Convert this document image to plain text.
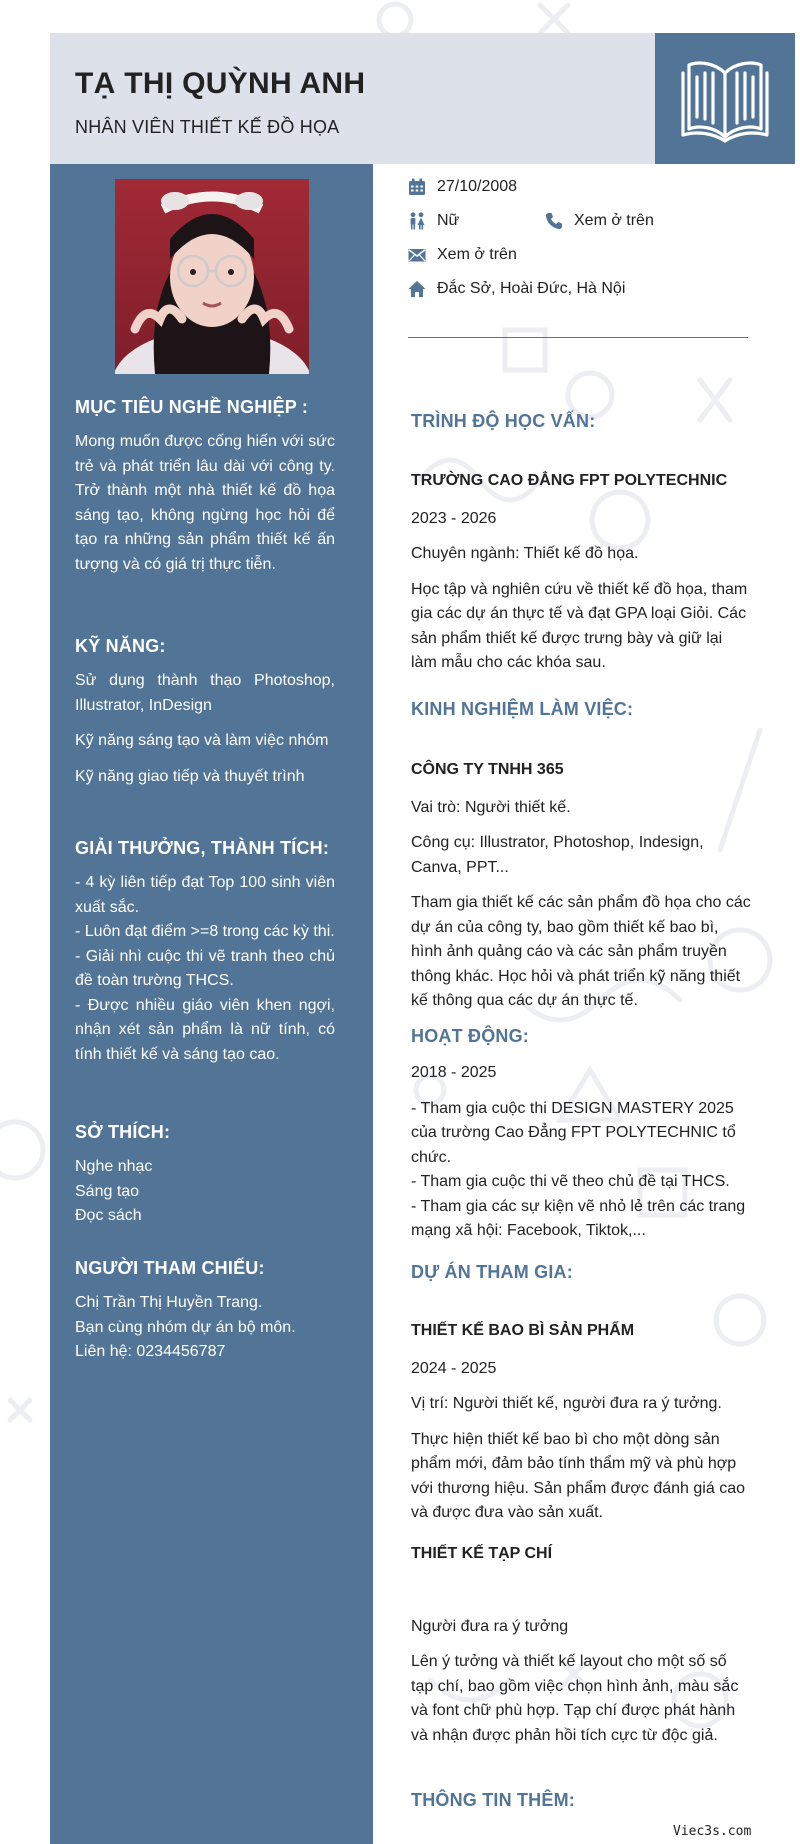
TẠ THỊ QUỲNH ANH
NHÂN VIÊN THIẾT KẾ ĐỒ HỌA
MỤC TIÊU NGHỀ NGHIỆP :
Mong muốn được cống hiến với sức trẻ và phát triển lâu dài với công ty. Trở thành một nhà thiết kế đồ họa sáng tạo, không ngừng học hỏi để tạo ra những sản phẩm thiết kế ấn tượng và có giá trị thực tiễn.
KỸ NĂNG:
Sử dụng thành thạo Photoshop, Illustrator, InDesign
Kỹ năng sáng tạo và làm việc nhóm
Kỹ năng giao tiếp và thuyết trình
GIẢI THƯỞNG, THÀNH TÍCH:
- 4 kỳ liên tiếp đạt Top 100 sinh viên xuất sắc.
- Luôn đạt điểm >=8 trong các kỳ thi.
- Giải nhì cuộc thi vẽ tranh theo chủ đề toàn trường THCS.
- Được nhiều giáo viên khen ngợi, nhận xét sản phẩm là nữ tính, có tính thiết kế và sáng tạo cao.
SỞ THÍCH:
Nghe nhạc
Sáng tạo
Đọc sách
NGƯỜI THAM CHIẾU:
Chị Trần Thị Huyền Trang.
Bạn cùng nhóm dự án bộ môn.
Liên hệ: 0234456787
27/10/2008
Nữ	Xem ở trên
Xem ở trên
Đắc Sở, Hoài Đức, Hà Nội
TRÌNH ĐỘ HỌC VẤN:
TRƯỜNG CAO ĐẲNG FPT POLYTECHNIC
2023 - 2026
Chuyên ngành: Thiết kế đồ họa.
Học tập và nghiên cứu về thiết kế đồ họa, tham gia các dự án thực tế và đạt GPA loại Giỏi. Các sản phẩm thiết kế được trưng bày và giữ lại làm mẫu cho các khóa sau.
KINH NGHIỆM LÀM VIỆC:
CÔNG TY TNHH 365
Vai trò: Người thiết kế.
Công cụ: Illustrator, Photoshop, Indesign, Canva, PPT...
Tham gia thiết kế các sản phẩm đồ họa cho các dự án của công ty, bao gồm thiết kế bao bì, hình ảnh quảng cáo và các sản phẩm truyền thông khác. Học hỏi và phát triển kỹ năng thiết kế thông qua các dự án thực tế.
HOẠT ĐỘNG:
2018 - 2025
- Tham gia cuộc thi DESIGN MASTERY 2025 của trường Cao Đẳng FPT POLYTECHNIC tổ chức.
- Tham gia cuộc thi vẽ theo chủ đề tại THCS.
- Tham gia các sự kiện vẽ nhỏ lẻ trên các trang mạng xã hội: Facebook, Tiktok,...
DỰ ÁN THAM GIA:
THIẾT KẾ BAO BÌ SẢN PHẨM
2024 - 2025
Vị trí: Người thiết kế, người đưa ra ý tưởng.
Thực hiện thiết kế bao bì cho một dòng sản phẩm mới, đảm bảo tính thẩm mỹ và phù hợp với thương hiệu. Sản phẩm được đánh giá cao và được đưa vào sản xuất.
THIẾT KẾ TẠP CHÍ
Người đưa ra ý tưởng
Lên ý tưởng và thiết kế layout cho một số số tạp chí, bao gồm việc chọn hình ảnh, màu sắc và font chữ phù hợp. Tạp chí được phát hành và nhận được phản hồi tích cực từ độc giả.
THÔNG TIN THÊM:
Viec3s.com
